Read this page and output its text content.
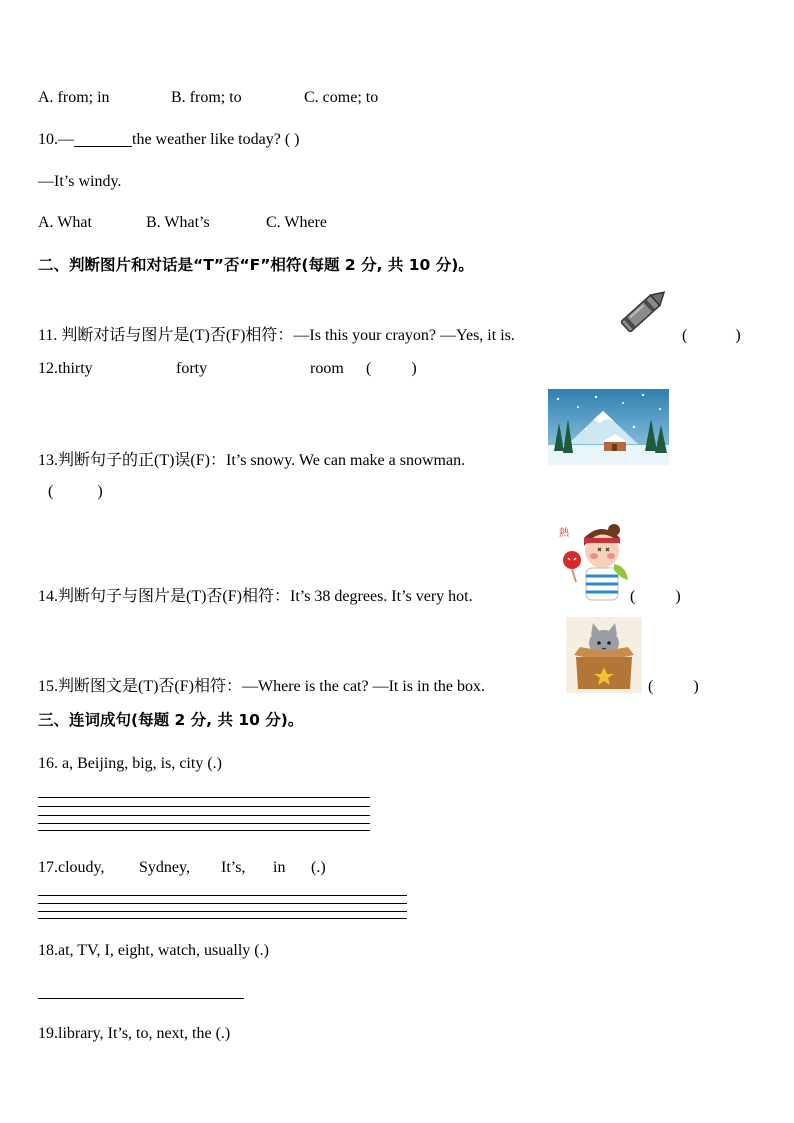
A. from; in	B. from; to	C. come; to
10.—	the weather like today? ( )
—It’s windy.
A. What	B. What’s	C. Where
二、判断图片和对话是“T”否“F”相符(每题 2 分, 共 10 分)。
11. 判断对话与图片是(T)否(F)相符：—Is this your crayon? —Yes, it is.	(            )
12.thirty	forty	room (          )
13.判断句子的正(T)误(F)：It’s snowy. We can make a snowman.
(           )
熱
14.判断句子与图片是(T)否(F)相符：It’s 38 degrees. It’s very hot.	(          )
15.判断图文是(T)否(F)相符：—Where is the cat? —It is in the box.	(          )
三、连词成句(每题 2 分, 共 10 分)。
16. a, Beijing, big, is, city (.)
17.cloudy, Sydney, It’s, in (.)
18.at, TV, I, eight, watch, usually (.)
19.library, It’s, to, next, the (.)
